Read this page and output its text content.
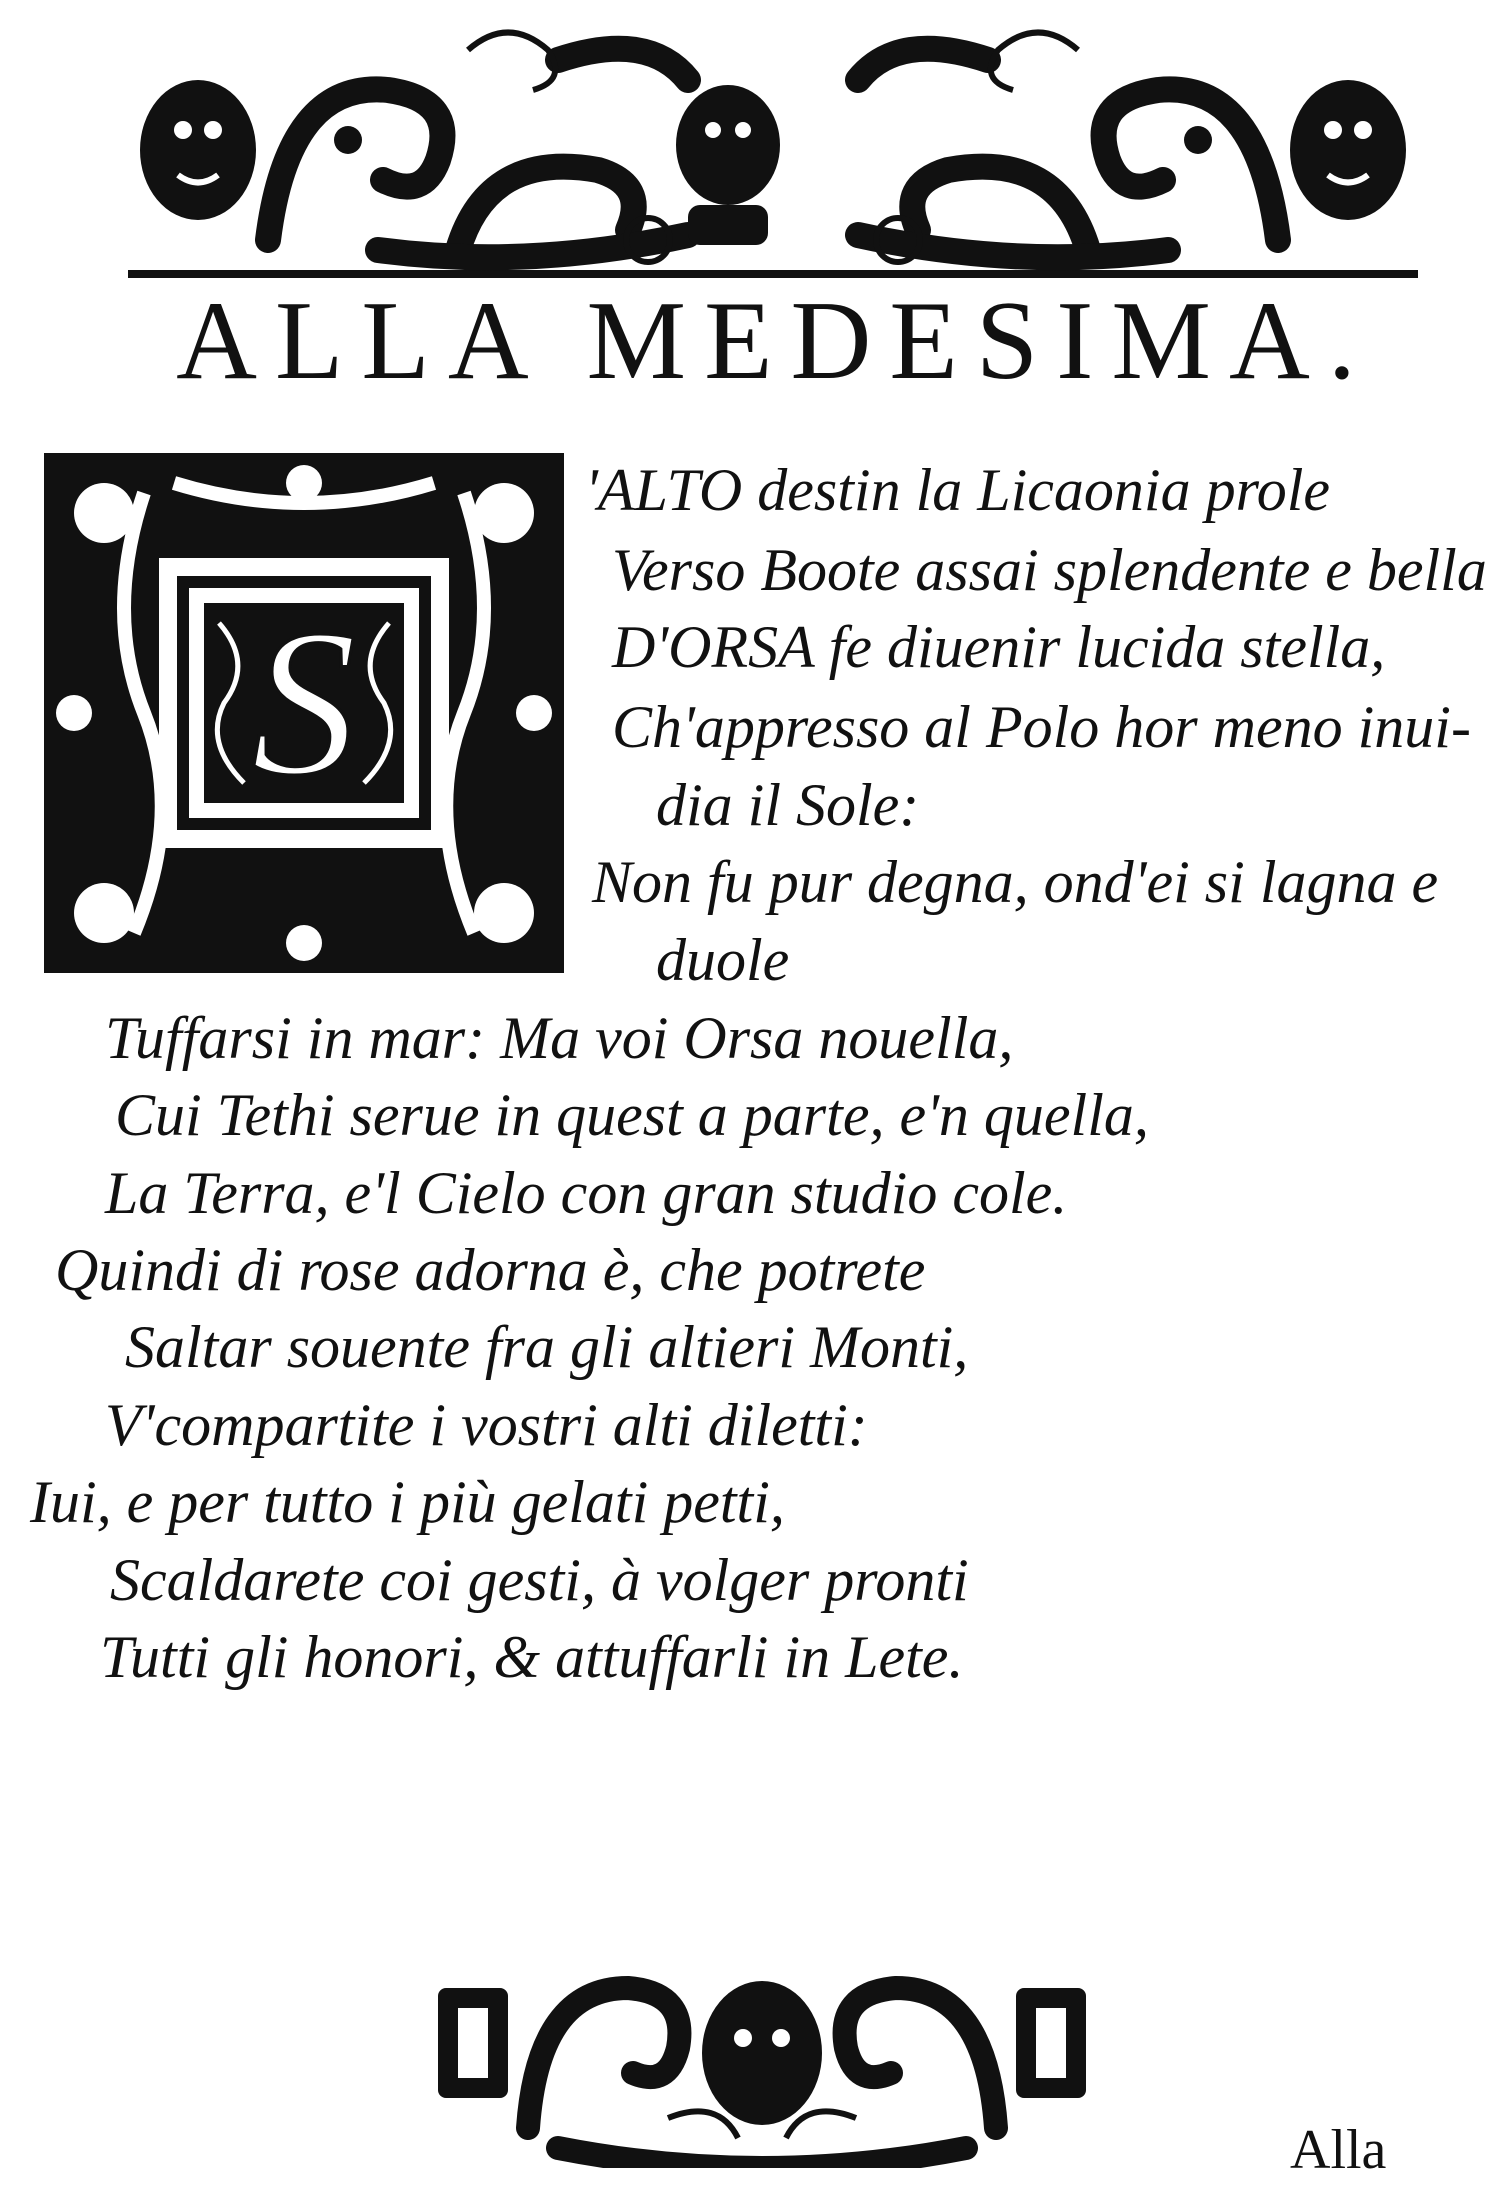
ALLA MEDESIMA.
S
'ALTO destin la Licaonia prole
Verso Boote assai splendente e bella
D'ORSA fe diuenir lucida stella,
Ch'appresso al Polo hor meno inui-
dia il Sole:
Non fu pur degna, ond'ei si lagna e
duole
Tuffarsi in mar: Ma voi Orsa nouella,
Cui Tethi serue in quest a parte, e'n quella,
La Terra, e'l Cielo con gran studio cole.
Quindi di rose adorna è, che potrete
Saltar souente fra gli altieri Monti,
V'compartite i vostri alti diletti:
Iui, e per tutto i più gelati petti,
Scaldarete coi gesti, à volger pronti
Tutti gli honori, & attuffarli in Lete.
Alla
